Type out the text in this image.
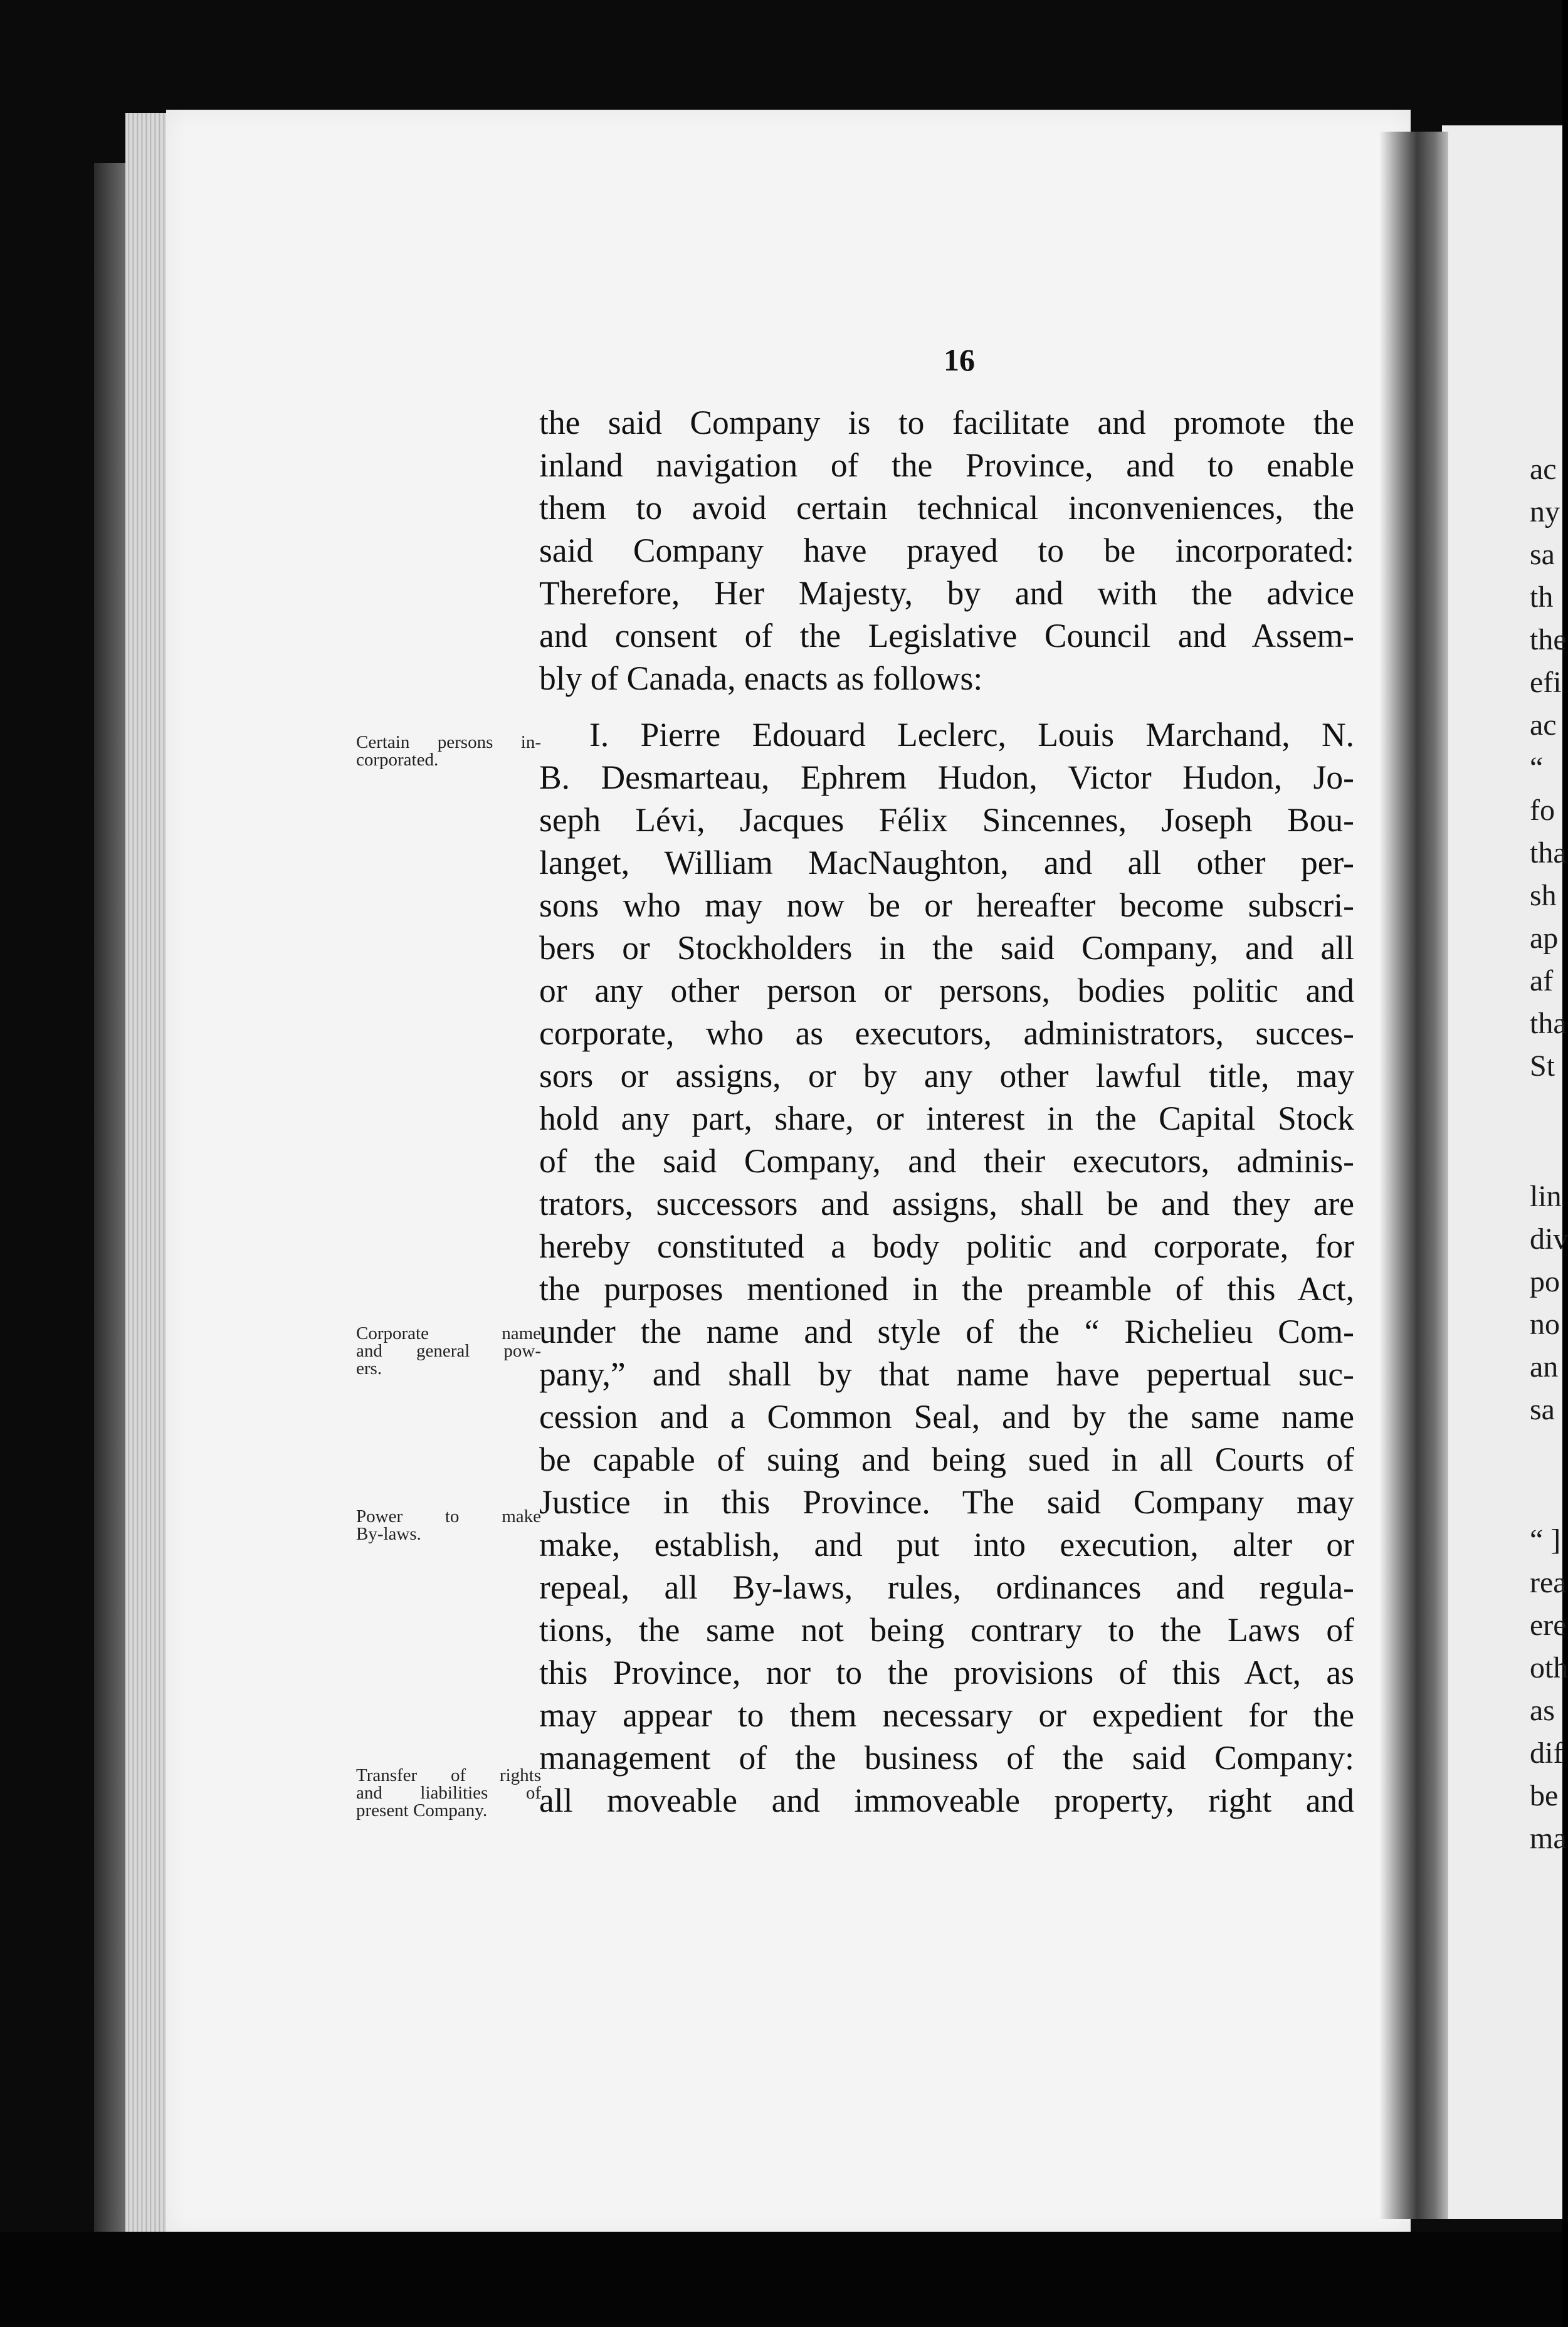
16
the said Company is to facilitate and promote the
inland navigation of the Province, and to enable
them to avoid certain technical inconveniences, the
said Company have prayed to be incorporated:
Therefore, Her Majesty, by and with the advice
and consent of the Legislative Council and Assem-
bly of Canada, enacts as follows:
I. Pierre Edouard Leclerc, Louis Marchand, N.
B. Desmarteau, Ephrem Hudon, Victor Hudon, Jo-
seph Lévi, Jacques Félix Sincennes, Joseph Bou-
langet, William MacNaughton, and all other per-
sons who may now be or hereafter become subscri-
bers or Stockholders in the said Company, and all
or any other person or persons, bodies politic and
corporate, who as executors, administrators, succes-
sors or assigns, or by any other lawful title, may
hold any part, share, or interest in the Capital Stock
of the said Company, and their executors, adminis-
trators, successors and assigns, shall be and they are
hereby constituted a body politic and corporate, for
the purposes mentioned in the preamble of this Act,
under the name and style of the “ Richelieu Com-
pany,” and shall by that name have pepertual suc-
cession and a Common Seal, and by the same name
be capable of suing and being sued in all Courts of
Justice in this Province. The said Company may
make, establish, and put into execution, alter or
repeal, all By-laws, rules, ordinances and regula-
tions, the same not being contrary to the Laws of
this Province, nor to the provisions of this Act, as
may appear to them necessary or expedient for the
management of the business of the said Company:
all moveable and immoveable property, right and
Certain persons in-
corporated.
Corporate name
and general pow-
ers.
Power to make
By-laws.
Transfer of rights
and liabilities of
present Company.
ac
ny
sa
th
the
efi
ac
“
fo
tha
sh
ap
af
tha
St
lin
div
po
no
an
sa
“ ]
rea
ere
oth
as
dif
be
ma
